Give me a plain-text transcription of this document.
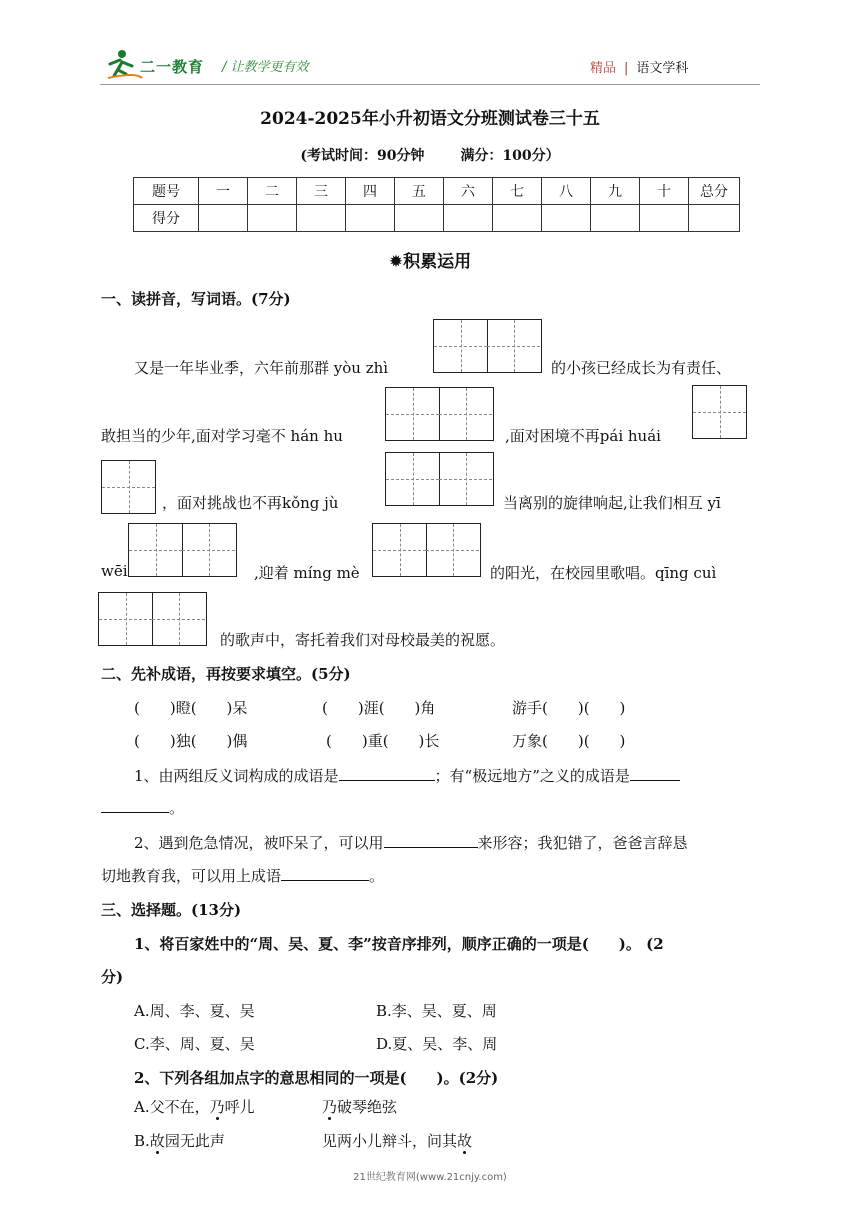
二一教育 / 让教学更有效	精品 | 语文学科
2024-2025年小升初语文分班测试卷三十五
(考试时间：90分钟	满分：100分）
题号	一	二	三	四	五	六	七	八	九	十	总分
得分											
✹积累运用
一、读拼音，写词语。(7分)
又是一年毕业季，六年前那群 yòu zhì	的小孩已经成长为有责任、
敢担当的少年,面对学习毫不 hán hu	,面对困境不再pái huái
，面对挑战也不再kǒng jù	当离别的旋律响起,让我们相互 yī
wēi	,迎着 míng mè	的阳光，在校园里歌唱。qīng cuì
的歌声中，寄托着我们对母校最美的祝愿。
二、先补成语，再按要求填空。(5分)
(　　)瞪(　　)呆	(　　)涯(　　)角	游手(　　)(　　)
(　　)独(　　)偶	(　　)重(　　)长	万象(　　)(　　)
1、由两组反义词构成的成语是	；有“极远地方”之义的成语是
。
2、遇到危急情况，被吓呆了，可以用	来形容；我犯错了，爸爸言辞恳
切地教育我，可以用上成语	。
三、选择题。(13分)
1、将百家姓中的“周、吴、夏、李”按音序排列，顺序正确的一项是(　　)。 (2
分)
A.周、李、夏、吴	B.李、吴、夏、周
C.李、周、夏、吴	D.夏、吴、李、周
2、下列各组加点字的意思相同的一项是(　　)。(2分)
A.父不在，乃呼儿	乃破琴绝弦
B.故园无此声	见两小儿辩斗，问其故
21世纪教育网(www.21cnjy.com)
